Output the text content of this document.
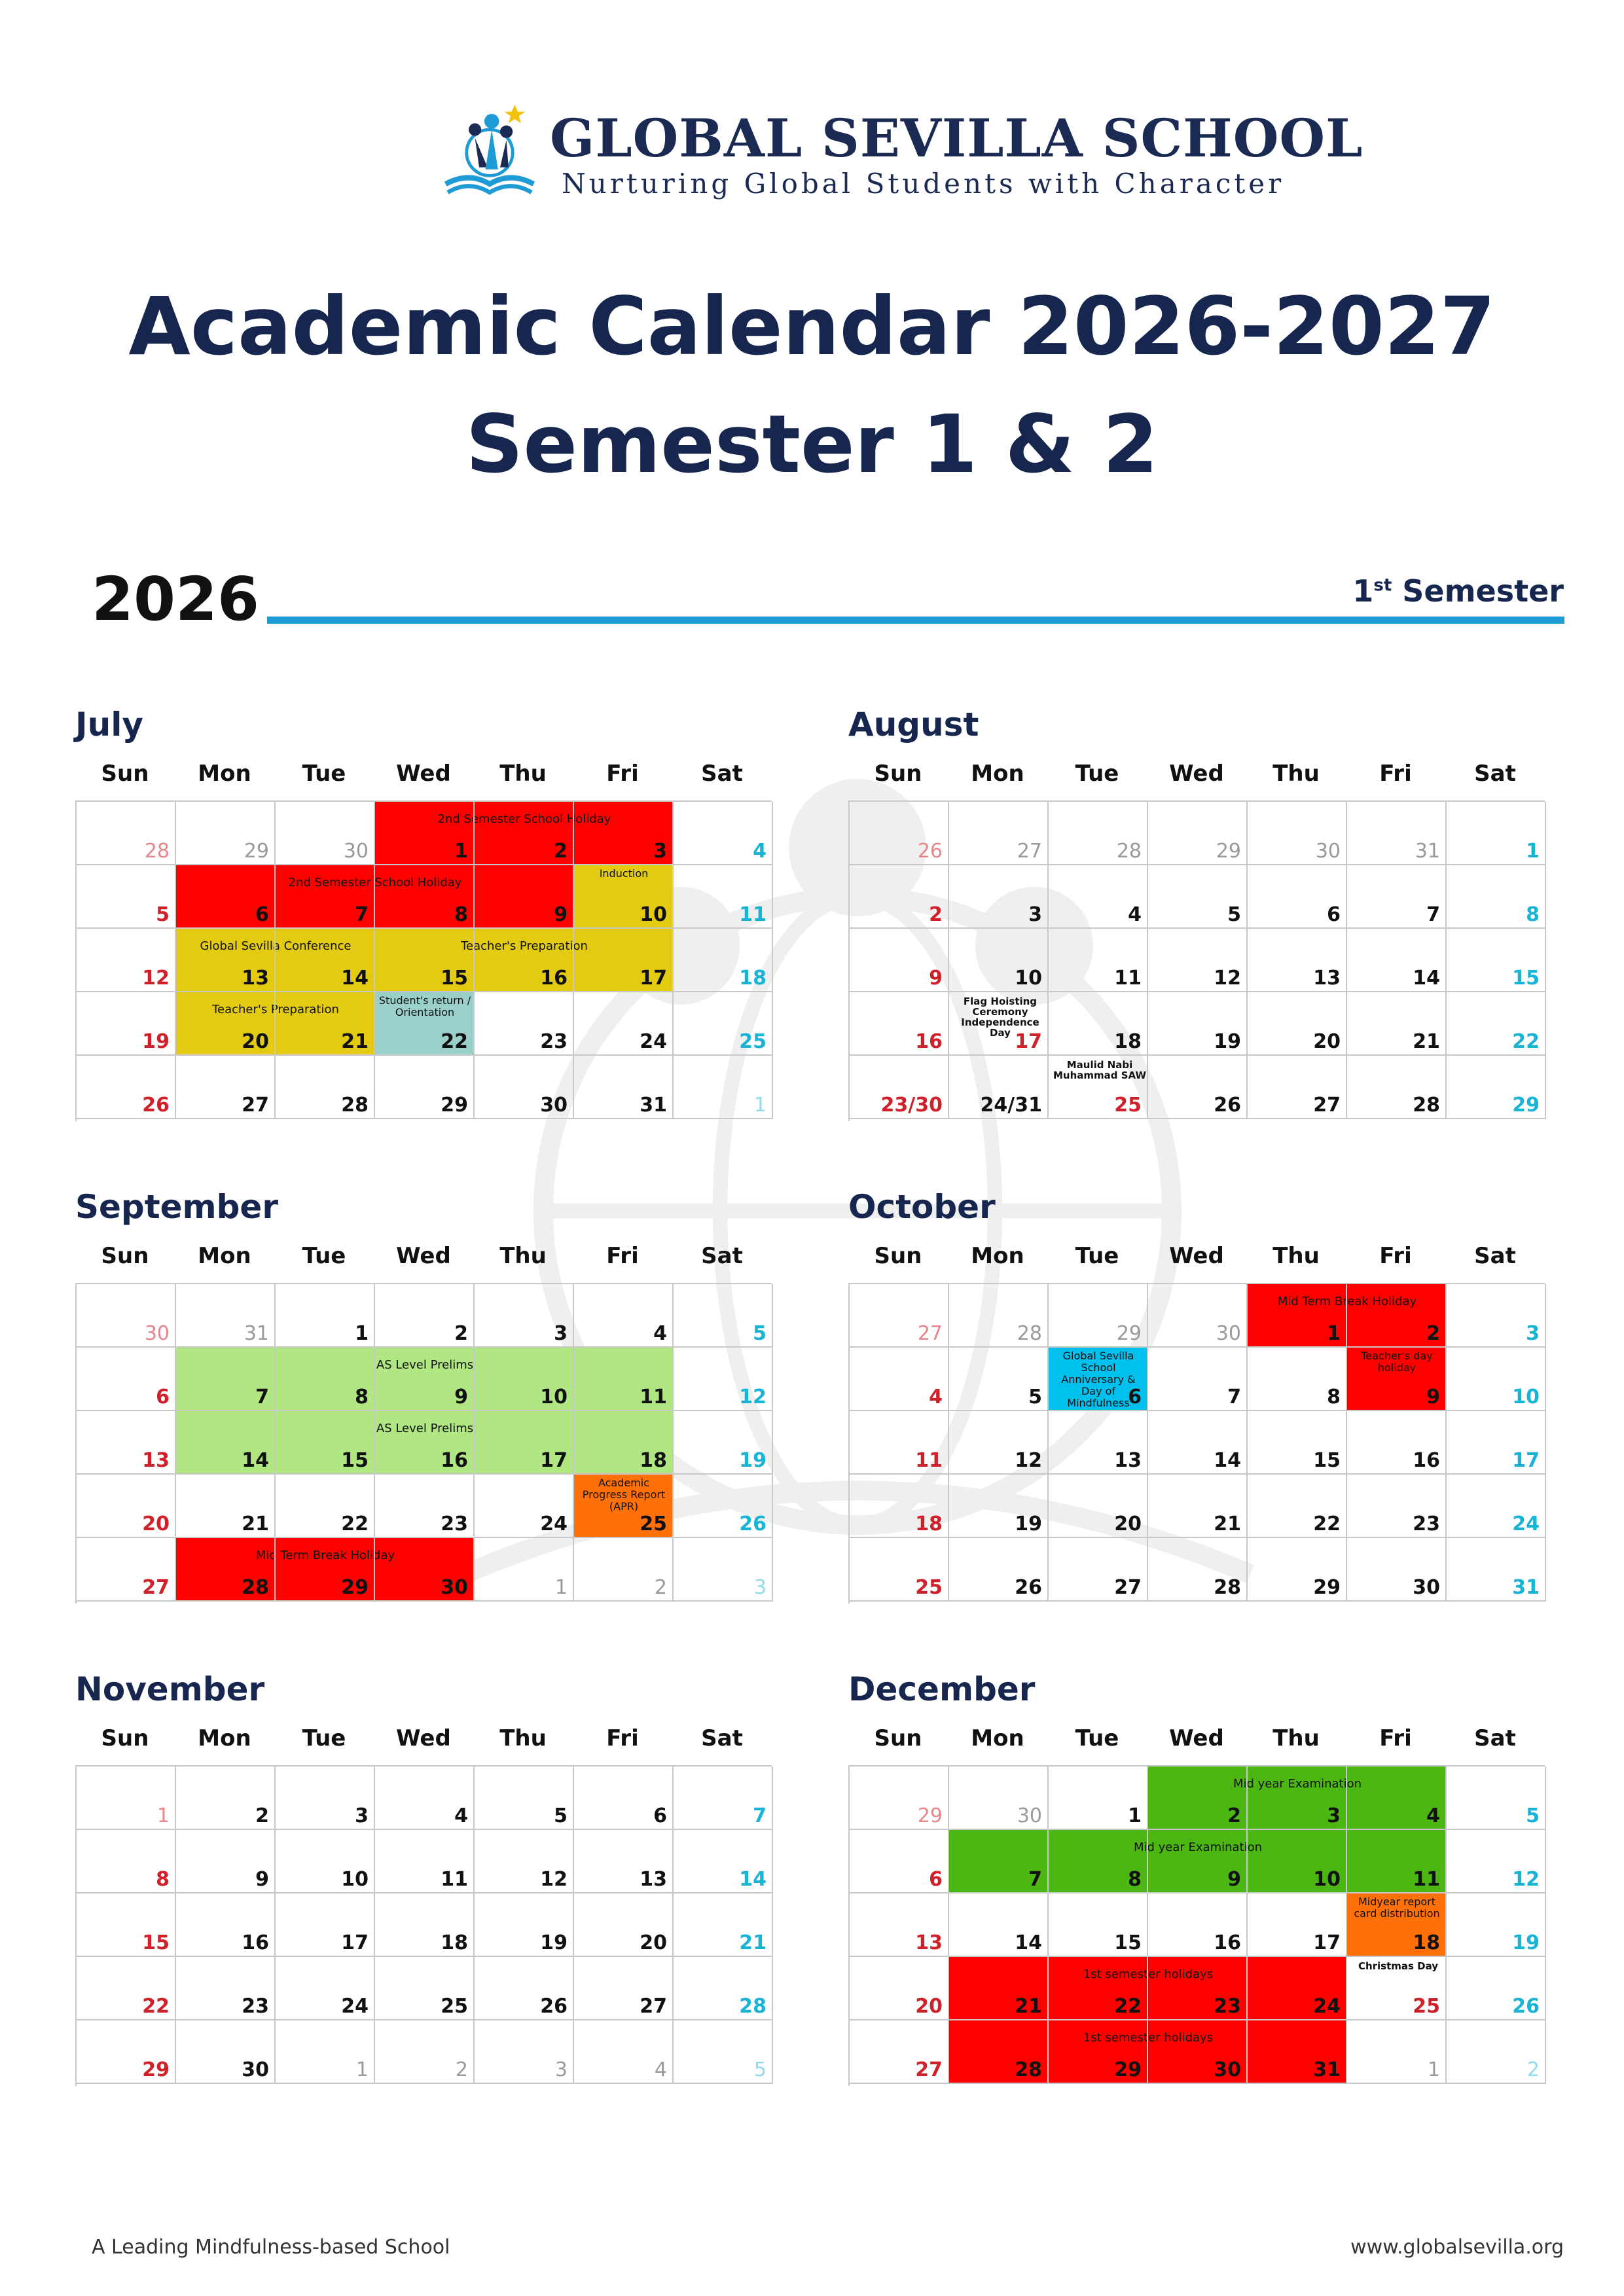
GLOBAL SEVILLA SCHOOL
Nurturing Global Students with Character
Academic Calendar 2026-2027
Semester 1 & 2
2026	1st Semester
July
Sun	Mon	Tue	Wed	Thu	Fri	Sat
2nd Semester School Holiday
2nd Semester School Holiday
Induction
Global Sevilla Conference	Teacher's Preparation
Teacher's Preparation
Student's return / Orientation
28	29	30	1	2	3	4
5	6	7	8	9	10	11
12	13	14	15	16	17	18
19	20	21	22	23	24	25
26	27	28	29	30	31	1
August
Sun	Mon	Tue	Wed	Thu	Fri	Sat
26	27	28	29	30	31	1
2	3	4	5	6	7	8
9	10	11	12	13	14	15
16	17	18	19	20	21	22
23/30 24/31	25	26	27	28	29
Flag Hoisting Ceremony Independence Day
Maulid Nabi Muhammad SAW
September
Sun	Mon	Tue	Wed	Thu	Fri	Sat
AS Level Prelims
AS Level Prelims
Academic Progress Report (APR)
Mid Term Break Holiday
30	31	1	2	3	4	5
6	7	8	9	10	11	12
13	14	15	16	17	18	19
20	21	22	23	24	25	26
27	28	29	30	1	2	3
October
Sun	Mon	Tue	Wed	Thu	Fri	Sat
Mid Term Break Holiday
Global Sevilla School Anniversary & Day of Mindfulness
Teacher's day holiday
27	28	29	30	1	2	3
4	5	6	7	8	9	10
11	12	13	14	15	16	17
18	19	20	21	22	23	24
25	26	27	28	29	30	31
November
Sun	Mon	Tue	Wed	Thu	Fri	Sat
1	2	3	4	5	6	7
8	9	10	11	12	13	14
15	16	17	18	19	20	21
22	23	24	25	26	27	28
29	30	1	2	3	4	5
December
Sun	Mon	Tue	Wed	Thu	Fri	Sat
Mid year Examination
Mid year Examination
Midyear report card distribution
1st semester holidays
1st semester holidays
29	30	1	2	3	4	5
6	7	8	9	10	11	12
13	14	15	16	17	18	19
20	21	22	23	24	25	26
27	28	29	30	31	1	2
Christmas Day
A Leading Mindfulness-based School	www.globalsevilla.org
